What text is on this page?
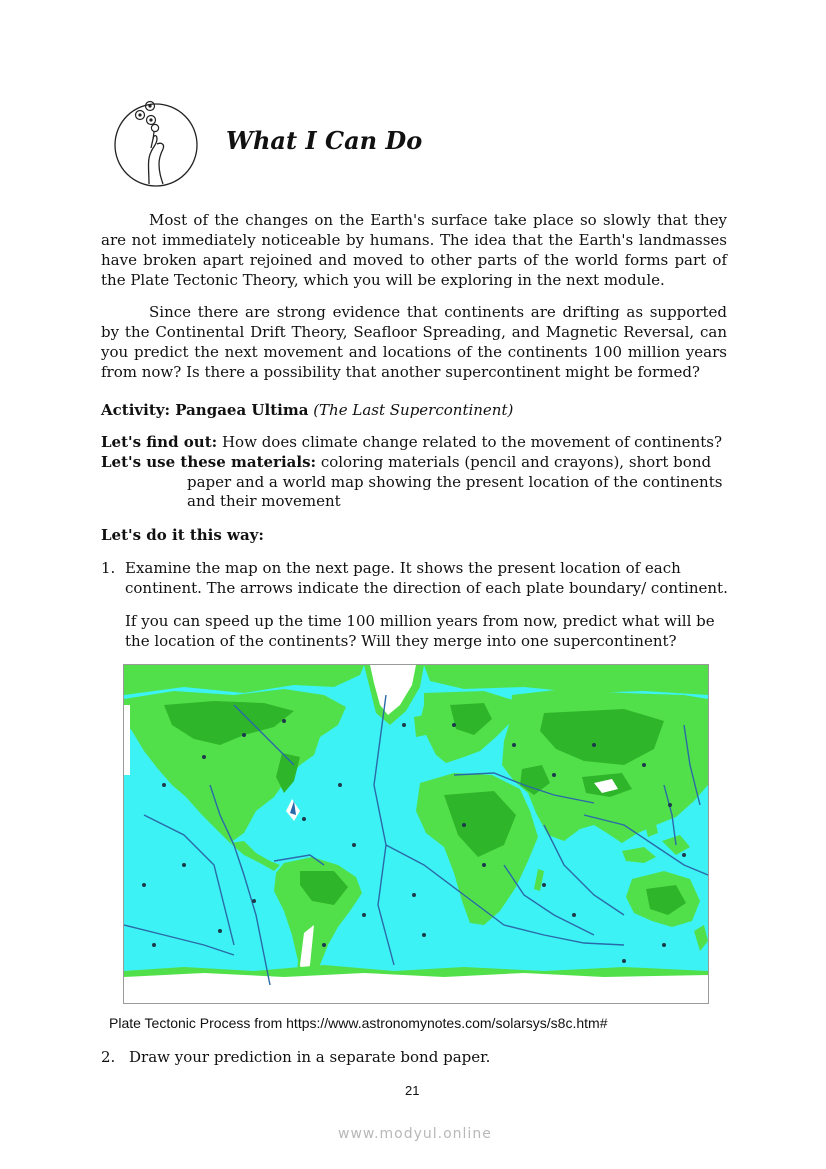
What I Can Do
Most of the changes on the Earth's surface take place so slowly that they are not immediately noticeable by humans. The idea that the Earth's landmasses have broken apart rejoined and moved to other parts of the world forms part of the Plate Tectonic Theory, which you will be exploring in the next module.
Since there are strong evidence that continents are drifting as supported by the Continental Drift Theory, Seafloor Spreading, and Magnetic Reversal, can you predict the next movement and locations of the continents 100 million years from now? Is there a possibility that another supercontinent might be formed?
Activity: Pangaea Ultima (The Last Supercontinent)
Let's find out: How does climate change related to the movement of continents?
Let's use these materials: coloring materials (pencil and crayons), short bond
paper and a world map showing the present location of the continents
and their movement
Let's do it this way:
1. Examine the map on the next page. It shows the present location of each
continent. The arrows indicate the direction of each plate boundary/ continent.
If you can speed up the time 100 million years from now, predict what will be
the location of the continents? Will they merge into one supercontinent?
Plate Tectonic Process from https://www.astronomynotes.com/solarsys/s8c.htm#
2. Draw your prediction in a separate bond paper.
21
www.modyul.online
